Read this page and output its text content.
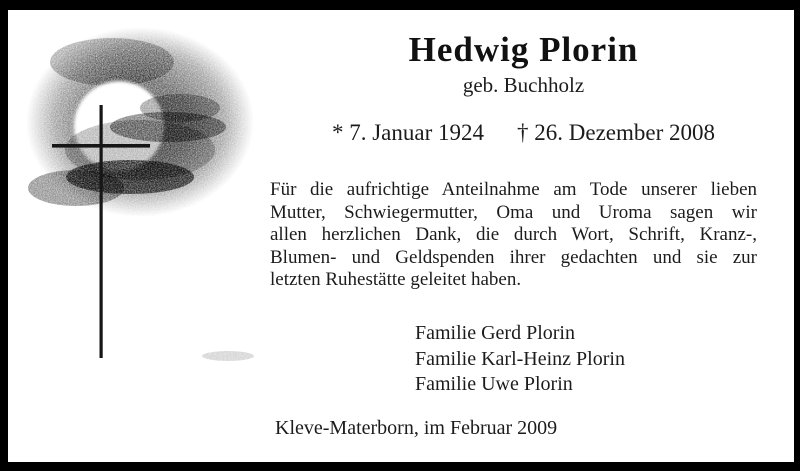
Hedwig Plorin
geb. Buchholz
* 7. Januar 1924 † 26. Dezember 2008
Für die aufrichtige Anteilnahme am Tode unserer lieben
Mutter, Schwiegermutter, Oma und Uroma sagen wir
allen herzlichen Dank, die durch Wort, Schrift, Kranz-,
Blumen- und Geldspenden ihrer gedachten und sie zur
letzten Ruhestätte geleitet haben.
Familie Gerd Plorin
Familie Karl-Heinz Plorin
Familie Uwe Plorin
Kleve-Materborn, im Februar 2009
